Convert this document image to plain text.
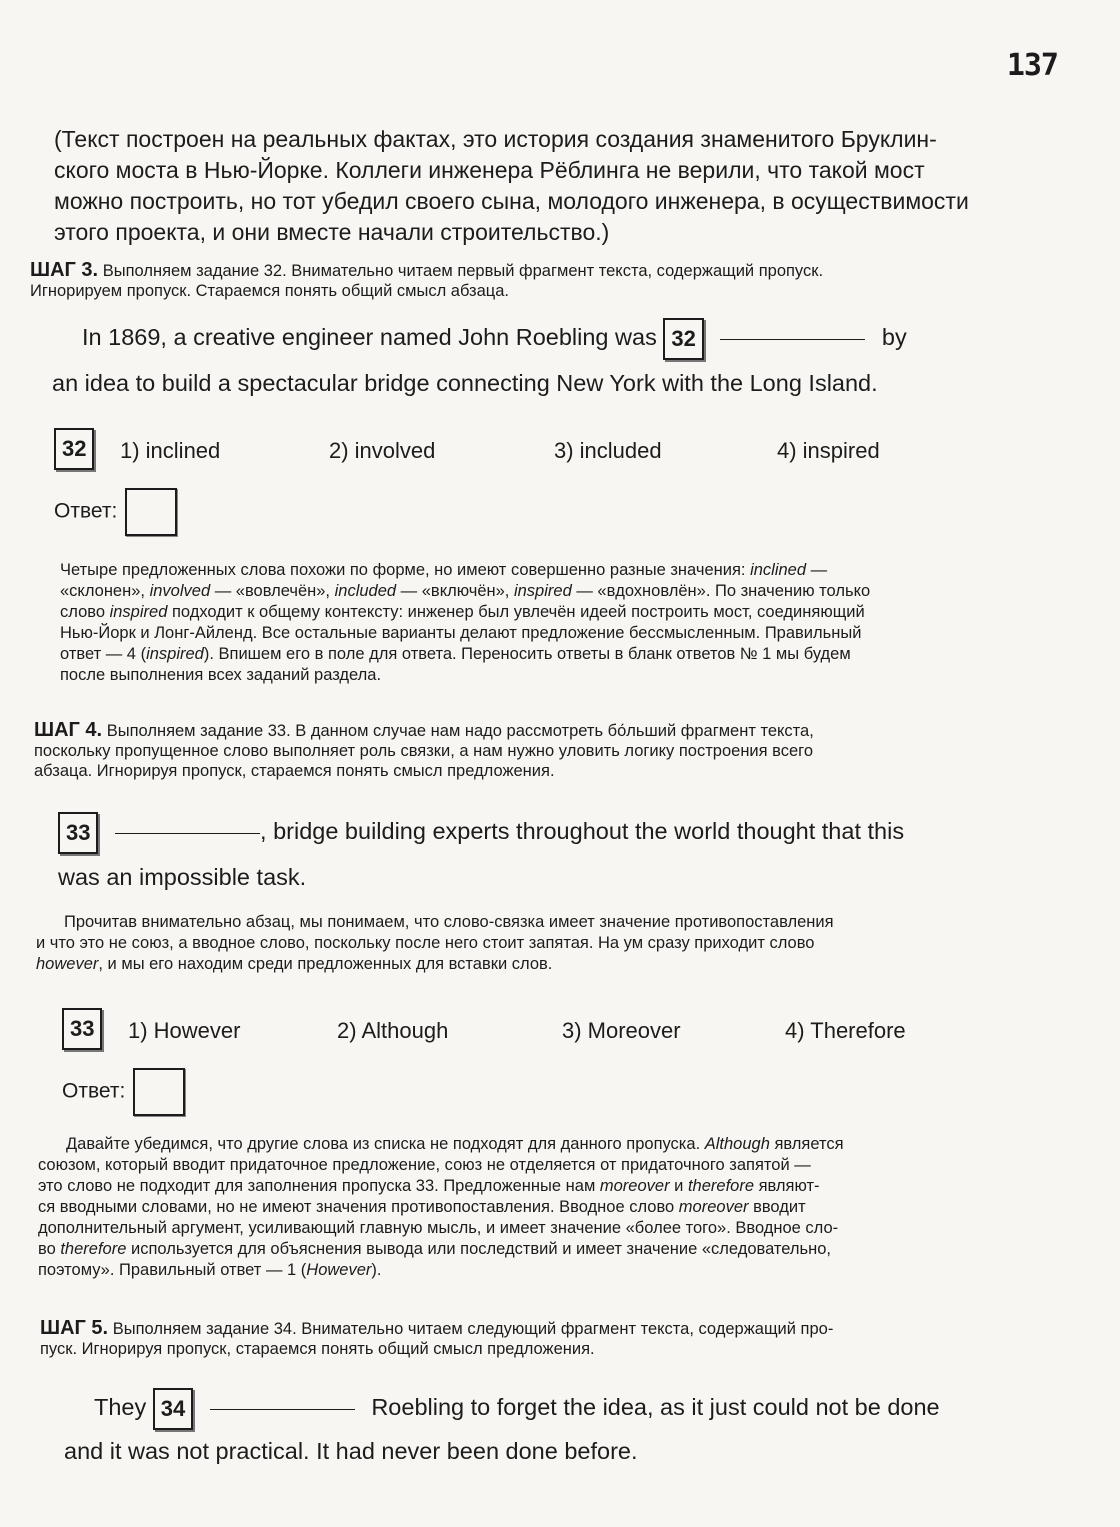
137
(Текст построен на реальных фактах, это история создания знаменитого Бруклин-
ского моста в Нью-Йорке. Коллеги инженера Рёблинга не верили, что такой мост
можно построить, но тот убедил своего сына, молодого инженера, в осуществимости
этого проекта, и они вместе начали строительство.)
ШАГ 3. Выполняем задание 32. Внимательно читаем первый фрагмент текста, содержащий пропуск.
Игнорируем пропуск. Стараемся понять общий смысл абзаца.
In 1869, a creative engineer named John Roebling was 32	by
an idea to build a spectacular bridge connecting New York with the Long Island.
32	1) inclined	2) involved	3) included	4) inspired
Ответ:
Четыре предложенных слова похожи по форме, но имеют совершенно разные значения: inclined —
«склонен», involved — «вовлечён», included — «включён», inspired — «вдохновлён». По значению только
слово inspired подходит к общему контексту: инженер был увлечён идеей построить мост, соединяющий
Нью-Йорк и Лонг-Айленд. Все остальные варианты делают предложение бессмысленным. Правильный
ответ — 4 (inspired). Впишем его в поле для ответа. Переносить ответы в бланк ответов № 1 мы будем
после выполнения всех заданий раздела.
ШАГ 4. Выполняем задание 33. В данном случае нам надо рассмотреть бо́льший фрагмент текста,
поскольку пропущенное слово выполняет роль связки, а нам нужно уловить логику построения всего
абзаца. Игнорируя пропуск, стараемся понять смысл предложения.
33	, bridge building experts throughout the world thought that this
was an impossible task.
Прочитав внимательно абзац, мы понимаем, что слово-связка имеет значение противопоставления
и что это не союз, а вводное слово, поскольку после него стоит запятая. На ум сразу приходит слово
however, и мы его находим среди предложенных для вставки слов.
33	1) However	2) Although	3) Moreover	4) Therefore
Ответ:
Давайте убедимся, что другие слова из списка не подходят для данного пропуска. Although является
союзом, который вводит придаточное предложение, союз не отделяется от придаточного запятой —
это слово не подходит для заполнения пропуска 33. Предложенные нам moreover и therefore являют-
ся вводными словами, но не имеют значения противопоставления. Вводное слово moreover вводит
дополнительный аргумент, усиливающий главную мысль, и имеет значение «более того». Вводное сло-
во therefore используется для объяснения вывода или последствий и имеет значение «следовательно,
поэтому». Правильный ответ — 1 (However).
ШАГ 5. Выполняем задание 34. Внимательно читаем следующий фрагмент текста, содержащий про-
пуск. Игнорируя пропуск, стараемся понять общий смысл предложения.
They 34	Roebling to forget the idea, as it just could not be done
and it was not practical. It had never been done before.
